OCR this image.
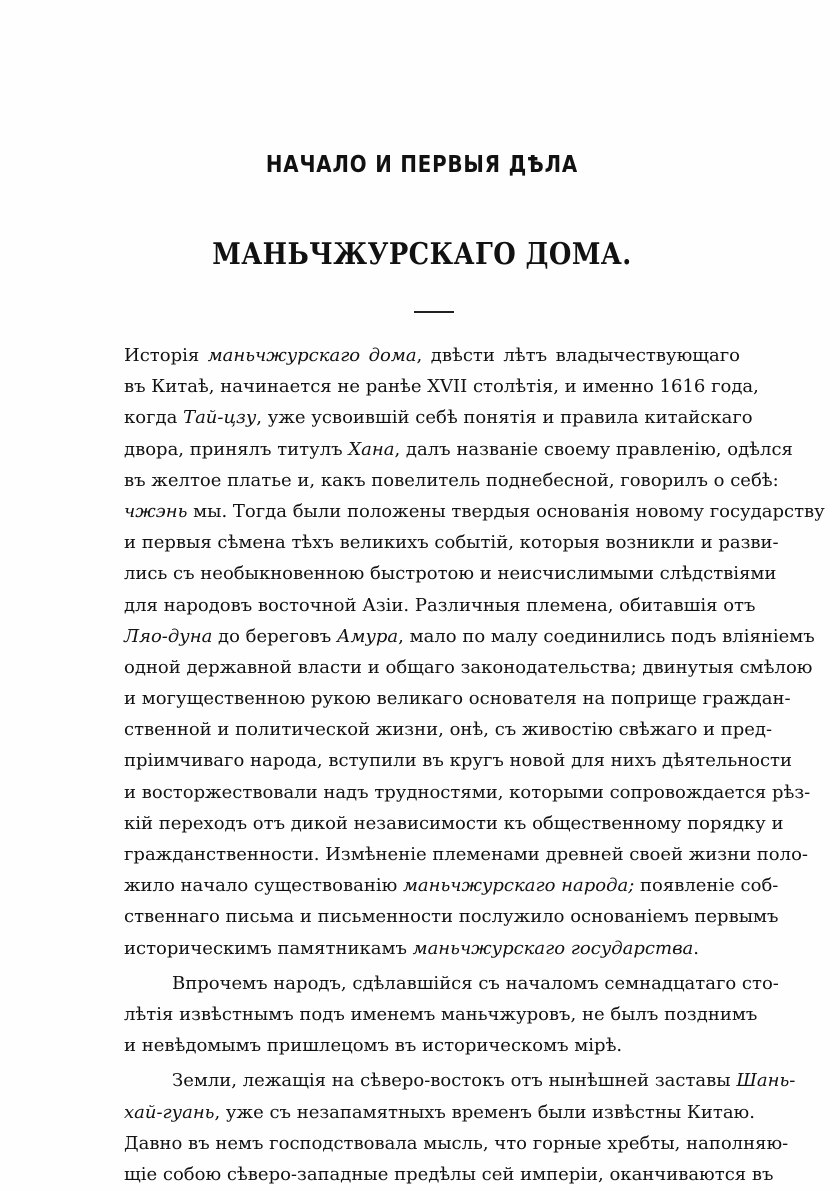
НАЧАЛО И ПЕРВЫЯ ДѢЛА
МАНЬЧЖУРСКАГО ДОМА.
Исторія маньчжурскаго дома, двѣсти лѣтъ владычествующаго
въ Китаѣ, начинается не ранѣе XVII столѣтія, и именно 1616 года,
когда Тай-цзу, уже усвоившій себѣ понятія и правила китайскаго
двора, принялъ титулъ Хана, далъ названіе своему правленію, одѣлся
въ желтое платье и, какъ повелитель поднебесной, говорилъ о себѣ:
чжэнь мы. Тогда были положены твердыя основанія новому государству
и первыя сѣмена тѣхъ великихъ событій, которыя возникли и разви-
лись съ необыкновенною быстротою и неисчислимыми слѣдствіями
для народовъ восточной Азіи. Различныя племена, обитавшія отъ
Ляо-дуна до береговъ Амура, мало по малу соединились подъ вліяніемъ
одной державной власти и общаго законодательства; двинутыя смѣлою
и могущественною рукою великаго основателя на поприще граждан-
ственной и политической жизни, онѣ, съ живостію свѣжаго и пред-
пріимчиваго народа, вступили въ кругъ новой для нихъ дѣятельности
и восторжествовали надъ трудностями, которыми сопровождается рѣз-
кій переходъ отъ дикой независимости къ общественному порядку и
гражданственности. Измѣненіе племенами древней своей жизни поло-
жило начало существованію маньчжурскаго народа; появленіе соб-
ственнаго письма и письменности послужило основаніемъ первымъ
историческимъ памятникамъ маньчжурскаго государства.
Впрочемъ народъ, сдѣлавшійся съ началомъ семнадцатаго сто-
лѣтія извѣстнымъ подъ именемъ маньчжуровъ, не былъ позднимъ
и невѣдомымъ пришлецомъ въ историческомъ мірѣ.
Земли, лежащія на сѣверо-востокъ отъ нынѣшней заставы Шань-
хай-гуань, уже съ незапамятныхъ временъ были извѣстны Китаю.
Давно въ немъ господствовала мысль, что горные хребты, наполняю-
щіе собою сѣверо-западные предѣлы сей имперіи, оканчиваются въ
